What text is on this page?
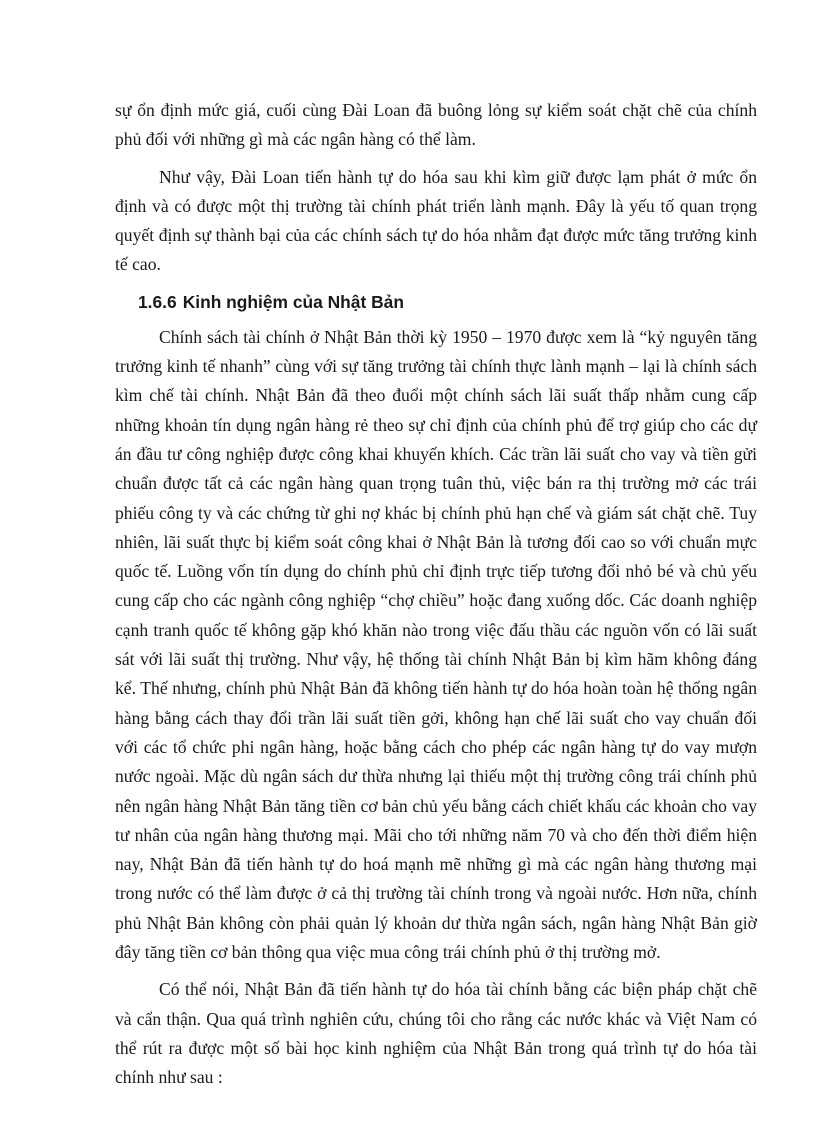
sự ổn định mức giá, cuối cùng Đài Loan đã buông lỏng sự kiểm soát chặt chẽ của chính phủ đối với những gì mà các ngân hàng có thể làm.

Như vậy, Đài Loan tiến hành tự do hóa sau khi kìm giữ được lạm phát ở mức ổn định và có được một thị trường tài chính phát triển lành mạnh. Đây là yếu tố quan trọng quyết định sự thành bại của các chính sách tự do hóa nhằm đạt được mức tăng trưởng kinh tế cao.

1.6.6 Kinh nghiệm của Nhật Bản

Chính sách tài chính ở Nhật Bản thời kỳ 1950 – 1970 được xem là “kỷ nguyên tăng trưởng kinh tế nhanh” cùng với sự tăng trưởng tài chính thực lành mạnh – lại là chính sách kìm chế tài chính. Nhật Bản đã theo đuổi một chính sách lãi suất thấp nhằm cung cấp những khoản tín dụng ngân hàng rẻ theo sự chỉ định của chính phủ để trợ giúp cho các dự án đầu tư công nghiệp được công khai khuyến khích. Các trần lãi suất cho vay và tiền gửi chuẩn được tất cả các ngân hàng quan trọng tuân thủ, việc bán ra thị trường mở các trái phiếu công ty và các chứng từ ghi nợ khác bị chính phủ hạn chế và giám sát chặt chẽ. Tuy nhiên, lãi suất thực bị kiểm soát công khai ở Nhật Bản là tương đối cao so với chuẩn mực quốc tế. Luồng vốn tín dụng do chính phủ chỉ định trực tiếp tương đối nhỏ bé và chủ yếu cung cấp cho các ngành công nghiệp “chợ chiều” hoặc đang xuống dốc. Các doanh nghiệp cạnh tranh quốc tế không gặp khó khăn nào trong việc đấu thầu các nguồn vốn có lãi suất sát với lãi suất thị trường. Như vậy, hệ thống tài chính Nhật Bản bị kìm hãm không đáng kể. Thế nhưng, chính phủ Nhật Bản đã không tiến hành tự do hóa hoàn toàn hệ thống ngân hàng bằng cách thay đổi trần lãi suất tiền gởi, không hạn chế lãi suất cho vay chuẩn đối với các tổ chức phi ngân hàng, hoặc bằng cách cho phép các ngân hàng tự do vay mượn nước ngoài. Mặc dù ngân sách dư thừa nhưng lại thiếu một thị trường công trái chính phủ nên ngân hàng Nhật Bản tăng tiền cơ bản chủ yếu bằng cách chiết khấu các khoản cho vay tư nhân của ngân hàng thương mại. Mãi cho tới những năm 70 và cho đến thời điểm hiện nay, Nhật Bản đã tiến hành tự do hoá mạnh mẽ những gì mà các ngân hàng thương mại trong nước có thể làm được ở cả thị trường tài chính trong và ngoài nước. Hơn nữa, chính phủ Nhật Bản không còn phải quản lý khoản dư thừa ngân sách, ngân hàng Nhật Bản giờ đây tăng tiền cơ bản thông qua việc mua công trái chính phủ ở thị trường mở.

Có thể nói, Nhật Bản đã tiến hành tự do hóa tài chính bằng các biện pháp chặt chẽ và cẩn thận. Qua quá trình nghiên cứu, chúng tôi cho rằng các nước khác và Việt Nam có thể rút ra được một số bài học kinh nghiệm của Nhật Bản trong quá trình tự do hóa tài chính như sau :
